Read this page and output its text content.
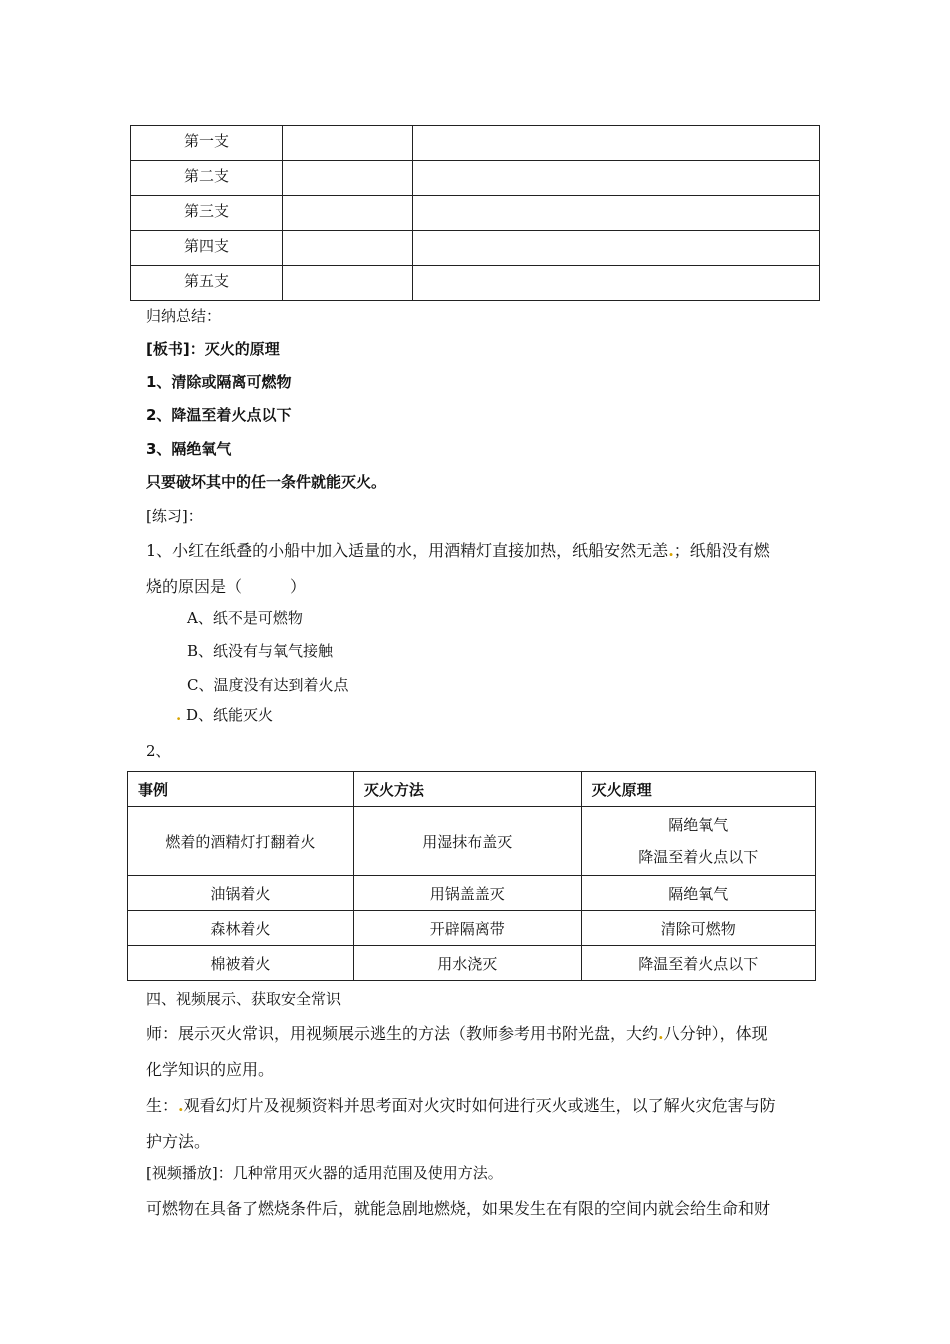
第一支		
第二支		
第三支		
第四支		
第五支		
归纳总结：
[板书]：灭火的原理
1、清除或隔离可燃物
2、降温至着火点以下
3、隔绝氧气
只要破坏其中的任一条件就能灭火。
[练习]：
1、小红在纸叠的小船中加入适量的水，用酒精灯直接加热，纸船安然无恙.；纸船没有燃
烧的原因是（　　　）
A、纸不是可燃物
B、纸没有与氧气接触
C、温度没有达到着火点
. D、纸能灭火
2、
事例	灭火方法	灭火原理
燃着的酒精灯打翻着火	用湿抹布盖灭	隔绝氧气
降温至着火点以下

油锅着火	用锅盖盖灭	隔绝氧气
森林着火	开辟隔离带	清除可燃物
棉被着火	用水浇灭	降温至着火点以下
四、视频展示、获取安全常识
师：展示灭火常识，用视频展示逃生的方法（教师参考用书附光盘，大约.八分钟），体现
化学知识的应用。
生：.观看幻灯片及视频资料并思考面对火灾时如何进行灭火或逃生，以了解火灾危害与防
护方法。
[视频播放]：几种常用灭火器的适用范围及使用方法。
可燃物在具备了燃烧条件后，就能急剧地燃烧，如果发生在有限的空间内就会给生命和财
